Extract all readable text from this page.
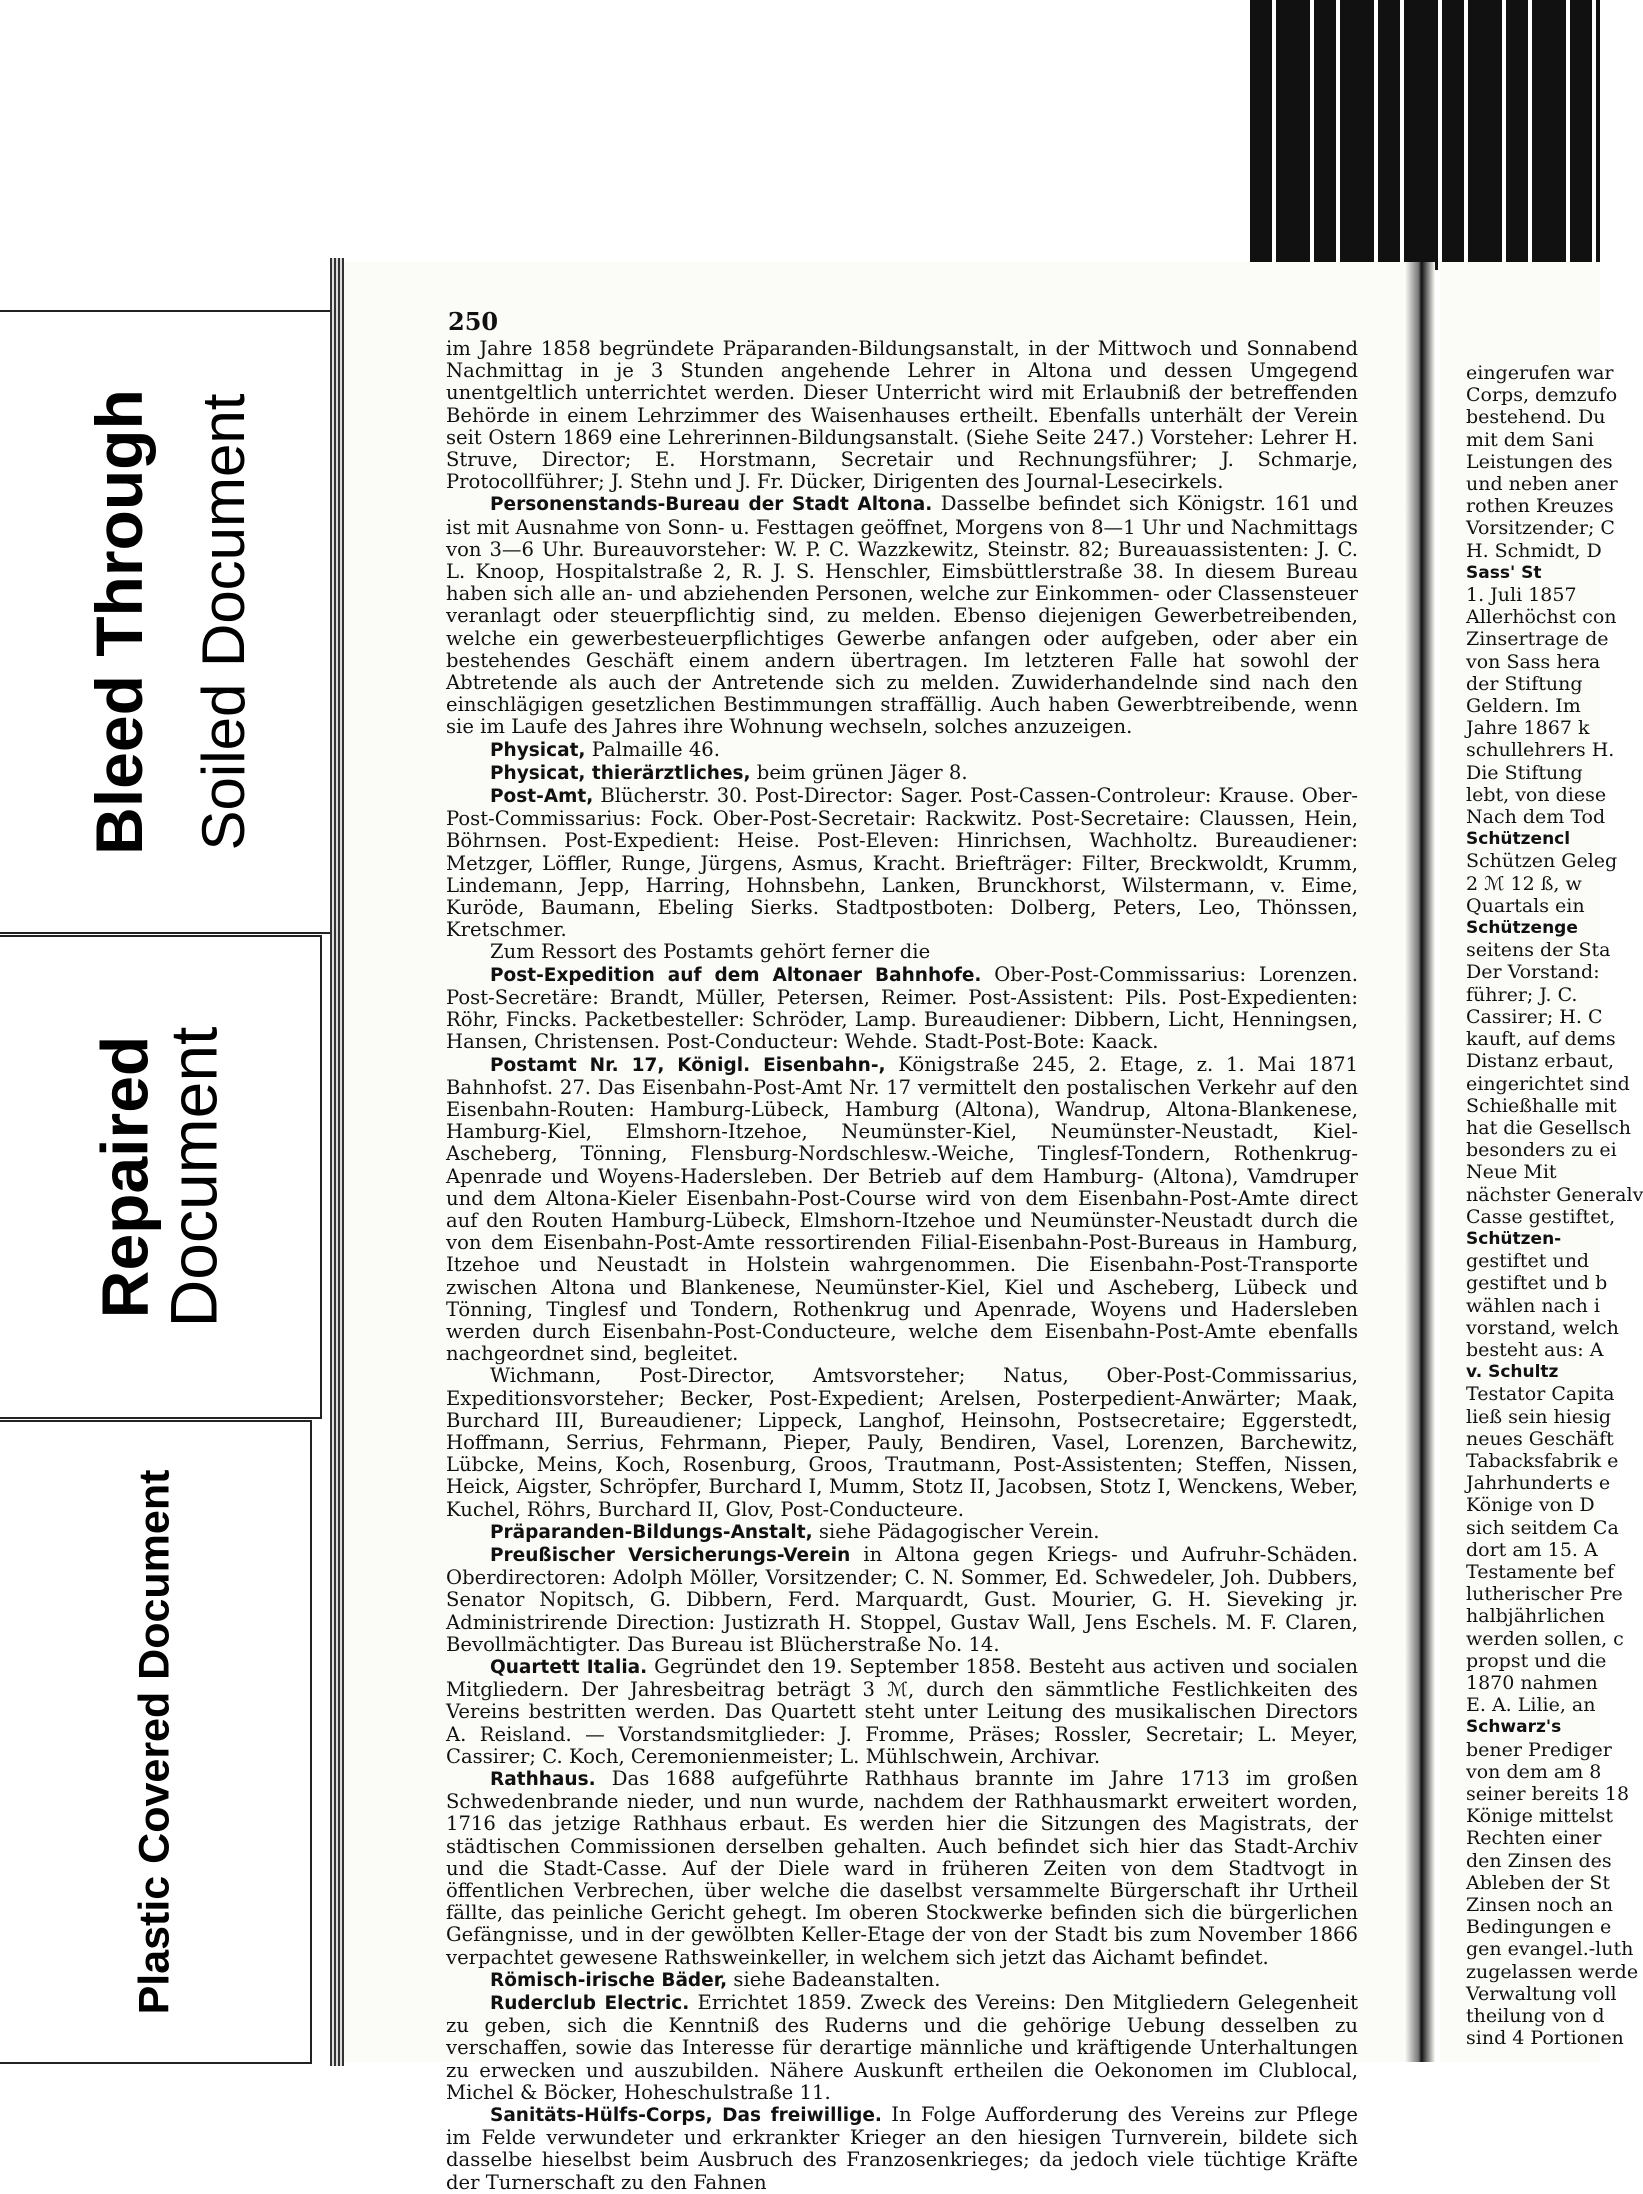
Bleed Through Soiled Document
Repaired
Document
Plastic Covered Document
eingerufen war
Corps, demzufo
bestehend. Du
mit dem Sani
Leistungen des
und neben aner
rothen Kreuzes
Vorsitzender; C
H. Schmidt, D
Sass' St
1. Juli 1857
Allerhöchst con
Zinsertrage de
von Sass hera
der Stiftung
Geldern. Im
Jahre 1867 k
schullehrers H.
Die Stiftung
lebt, von diese
Nach dem Tod
Schützencl
Schützen Geleg
2 ℳ 12 ß, w
Quartals ein
Schützenge
seitens der Sta
Der Vorstand:
führer; J. C.
Cassirer; H. C
kauft, auf dems
Distanz erbaut,
eingerichtet sind
Schießhalle mit
hat die Gesellsch
besonders zu ei
Neue Mit
nächster Generalv
Casse gestiftet,
Schützen-
gestiftet und
gestiftet und b
wählen nach i
vorstand, welch
besteht aus: A
v. Schultz
Testator Capita
ließ sein hiesig
neues Geschäft
Tabacksfabrik e
Jahrhunderts e
Könige von D
sich seitdem Ca
dort am 15. A
Testamente bef
lutherischer Pre
halbjährlichen
werden sollen, c
propst und die
1870 nahmen
E. A. Lilie, an
Schwarz's
bener Prediger
von dem am 8
seiner bereits 18
Könige mittelst
Rechten einer
den Zinsen des
Ableben der St
Zinsen noch an
Bedingungen e
gen evangel.-luth
zugelassen werde
Verwaltung voll
theilung von d
sind 4 Portionen
250

im Jahre 1858 begründete Präparanden-Bildungsanstalt, in der Mittwoch und Sonnabend Nachmittag in je 3 Stunden angehende Lehrer in Altona und dessen Umgegend unentgeltlich unterrichtet werden. Dieser Unterricht wird mit Erlaubniß der betreffenden Behörde in einem Lehrzimmer des Waisenhauses ertheilt. Ebenfalls unterhält der Verein seit Ostern 1869 eine Lehrerinnen-Bildungsanstalt. (Siehe Seite 247.) Vorsteher: Lehrer H. Struve, Director; E. Horstmann, Secretair und Rechnungsführer; J. Schmarje, Protocollführer; J. Stehn und J. Fr. Dücker, Dirigenten des Journal-Lesecirkels.

Personenstands-Bureau der Stadt Altona. Dasselbe befindet sich Königstr. 161 und ist mit Ausnahme von Sonn- u. Festtagen geöffnet, Morgens von 8—1 Uhr und Nachmittags von 3—6 Uhr. Bureauvorsteher: W. P. C. Wazzkewitz, Steinstr. 82; Bureauassistenten: J. C. L. Knoop, Hospitalstraße 2, R. J. S. Henschler, Eimsbüttlerstraße 38. In diesem Bureau haben sich alle an- und abziehenden Personen, welche zur Einkommen- oder Classensteuer veranlagt oder steuerpflichtig sind, zu melden. Ebenso diejenigen Gewerbetreibenden, welche ein gewerbesteuerpflichtiges Gewerbe anfangen oder aufgeben, oder aber ein bestehendes Geschäft einem andern übertragen. Im letzteren Falle hat sowohl der Abtretende als auch der Antretende sich zu melden. Zuwiderhandelnde sind nach den einschlägigen gesetzlichen Bestimmungen straffällig. Auch haben Gewerbtreibende, wenn sie im Laufe des Jahres ihre Wohnung wechseln, solches anzuzeigen.

Physicat, Palmaille 46.

Physicat, thierärztliches, beim grünen Jäger 8.

Post-Amt, Blücherstr. 30. Post-Director: Sager. Post-Cassen-Controleur: Krause. Ober-Post-Commissarius: Fock. Ober-Post-Secretair: Rackwitz. Post-Secretaire: Claussen, Hein, Böhrnsen. Post-Expedient: Heise. Post-Eleven: Hinrichsen, Wachholtz. Bureaudiener: Metzger, Löffler, Runge, Jürgens, Asmus, Kracht. Briefträger: Filter, Breckwoldt, Krumm, Lindemann, Jepp, Harring, Hohnsbehn, Lanken, Brunckhorst, Wilstermann, v. Eime, Kuröde, Baumann, Ebeling Sierks. Stadtpostboten: Dolberg, Peters, Leo, Thönssen, Kretschmer.

Zum Ressort des Postamts gehört ferner die

Post-Expedition auf dem Altonaer Bahnhofe. Ober-Post-Commissarius: Lorenzen. Post-Secretäre: Brandt, Müller, Petersen, Reimer. Post-Assistent: Pils. Post-Expedienten: Röhr, Fincks. Packetbesteller: Schröder, Lamp. Bureaudiener: Dibbern, Licht, Henningsen, Hansen, Christensen. Post-Conducteur: Wehde. Stadt-Post-Bote: Kaack.

Postamt Nr. 17, Königl. Eisenbahn-, Königstraße 245, 2. Etage, z. 1. Mai 1871 Bahnhofst. 27. Das Eisenbahn-Post-Amt Nr. 17 vermittelt den postalischen Verkehr auf den Eisenbahn-Routen: Hamburg-Lübeck, Hamburg (Altona), Wandrup, Altona-Blankenese, Hamburg-Kiel, Elmshorn-Itzehoe, Neumünster-Kiel, Neumünster-Neustadt, Kiel-Ascheberg, Tönning, Flensburg-Nordschlesw.-Weiche, Tinglesf-Tondern, Rothenkrug-Apenrade und Woyens-Hadersleben. Der Betrieb auf dem Hamburg- (Altona), Vamdruper und dem Altona-Kieler Eisenbahn-Post-Course wird von dem Eisenbahn-Post-Amte direct auf den Routen Hamburg-Lübeck, Elmshorn-Itzehoe und Neumünster-Neustadt durch die von dem Eisenbahn-Post-Amte ressortirenden Filial-Eisenbahn-Post-Bureaus in Hamburg, Itzehoe und Neustadt in Holstein wahrgenommen. Die Eisenbahn-Post-Transporte zwischen Altona und Blankenese, Neumünster-Kiel, Kiel und Ascheberg, Lübeck und Tönning, Tinglesf und Tondern, Rothenkrug und Apenrade, Woyens und Hadersleben werden durch Eisenbahn-Post-Conducteure, welche dem Eisenbahn-Post-Amte ebenfalls nachgeordnet sind, begleitet.

Wichmann, Post-Director, Amtsvorsteher; Natus, Ober-Post-Commissarius, Expeditionsvorsteher; Becker, Post-Expedient; Arelsen, Posterpedient-Anwärter; Maak, Burchard III, Bureaudiener; Lippeck, Langhof, Heinsohn, Postsecretaire; Eggerstedt, Hoffmann, Serrius, Fehrmann, Pieper, Pauly, Bendiren, Vasel, Lorenzen, Barchewitz, Lübcke, Meins, Koch, Rosenburg, Groos, Trautmann, Post-Assistenten; Steffen, Nissen, Heick, Aigster, Schröpfer, Burchard I, Mumm, Stotz II, Jacobsen, Stotz I, Wenckens, Weber, Kuchel, Röhrs, Burchard II, Glov, Post-Conducteure.

Präparanden-Bildungs-Anstalt, siehe Pädagogischer Verein.

Preußischer Versicherungs-Verein in Altona gegen Kriegs- und Aufruhr-Schäden. Oberdirectoren: Adolph Möller, Vorsitzender; C. N. Sommer, Ed. Schwedeler, Joh. Dubbers, Senator Nopitsch, G. Dibbern, Ferd. Marquardt, Gust. Mourier, G. H. Sieveking jr. Administrirende Direction: Justizrath H. Stoppel, Gustav Wall, Jens Eschels. M. F. Claren, Bevollmächtigter. Das Bureau ist Blücherstraße No. 14.

Quartett Italia. Gegründet den 19. September 1858. Besteht aus activen und socialen Mitgliedern. Der Jahresbeitrag beträgt 3 ℳ, durch den sämmtliche Festlichkeiten des Vereins bestritten werden. Das Quartett steht unter Leitung des musikalischen Directors A. Reisland. — Vorstandsmitglieder: J. Fromme, Präses; Rossler, Secretair; L. Meyer, Cassirer; C. Koch, Ceremonienmeister; L. Mühlschwein, Archivar.

Rathhaus. Das 1688 aufgeführte Rathhaus brannte im Jahre 1713 im großen Schwedenbrande nieder, und nun wurde, nachdem der Rathhausmarkt erweitert worden, 1716 das jetzige Rathhaus erbaut. Es werden hier die Sitzungen des Magistrats, der städtischen Commissionen derselben gehalten. Auch befindet sich hier das Stadt-Archiv und die Stadt-Casse. Auf der Diele ward in früheren Zeiten von dem Stadtvogt in öffentlichen Verbrechen, über welche die daselbst versammelte Bürgerschaft ihr Urtheil fällte, das peinliche Gericht gehegt. Im oberen Stockwerke befinden sich die bürgerlichen Gefängnisse, und in der gewölbten Keller-Etage der von der Stadt bis zum November 1866 verpachtet gewesene Rathsweinkeller, in welchem sich jetzt das Aichamt befindet.

Römisch-irische Bäder, siehe Badeanstalten.

Ruderclub Electric. Errichtet 1859. Zweck des Vereins: Den Mitgliedern Gelegenheit zu geben, sich die Kenntniß des Ruderns und die gehörige Uebung desselben zu verschaffen, sowie das Interesse für derartige männliche und kräftigende Unterhaltungen zu erwecken und auszubilden. Nähere Auskunft ertheilen die Oekonomen im Clublocal, Michel & Böcker, Hoheschulstraße 11.

Sanitäts-Hülfs-Corps, Das freiwillige. In Folge Aufforderung des Vereins zur Pflege im Felde verwundeter und erkrankter Krieger an den hiesigen Turnverein, bildete sich dasselbe hieselbst beim Ausbruch des Franzosenkrieges; da jedoch viele tüchtige Kräfte der Turnerschaft zu den Fahnen
